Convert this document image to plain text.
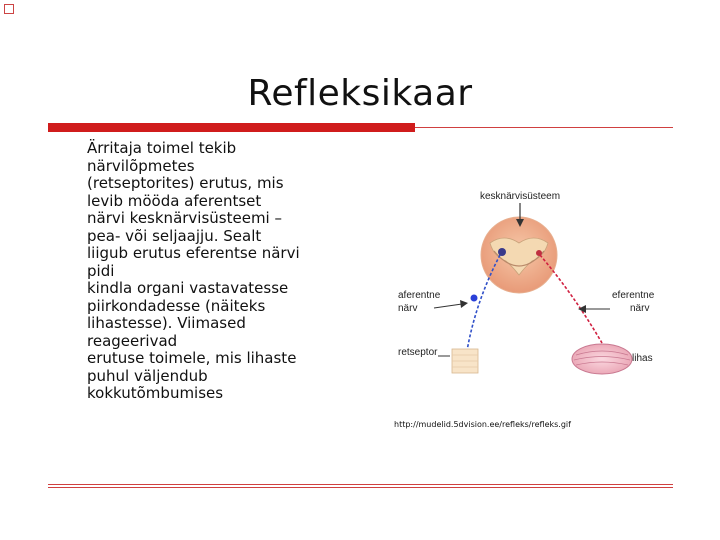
Refleksikaar
Ärritaja toimel tekib
närvilõpmetes
(retseptorites) erutus, mis
levib mööda aferentset
närvi kesknärvisüsteemi –
pea- või seljaajju. Sealt
liigub erutus eferentse närvi
pidi
kindla organi vastavatesse
piirkondadesse (näiteks
lihastesse). Viimased
reageerivad
erutuse toimele, mis lihaste
puhul väljendub
kokkutõmbumises
kesknärvisüsteem
aferentne
närv
eferentne
närv
retseptor
lihas
http://mudelid.5dvision.ee/refleks/refleks.gif
